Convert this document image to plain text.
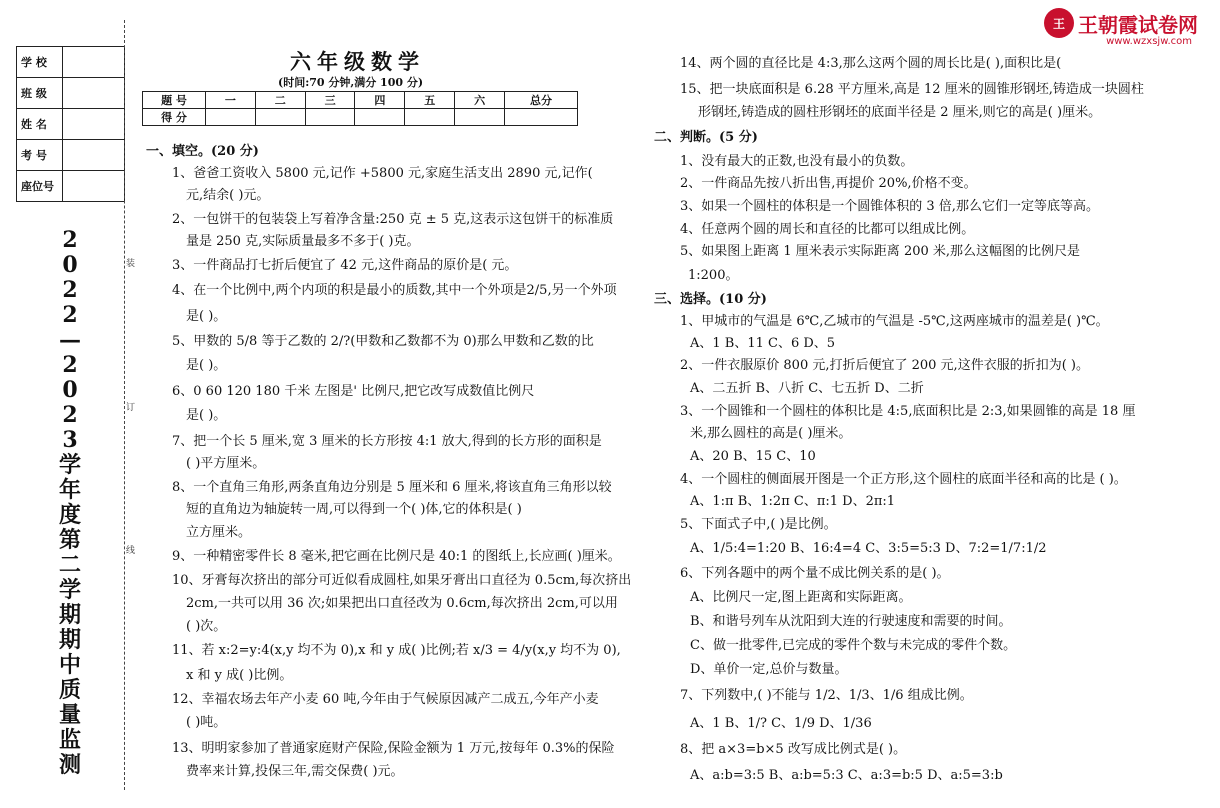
王 王朝霞试卷网
www.wzxsjw.com
学 校	
班 级	
姓 名	
考 号	
座位号	
2
0
2
2
—
2
0
2
3
学
年
度
第
二
学
期
期
中
质
量
监
测
装
订
线
六年级数学
(时间:70 分钟,满分 100 分)
题 号	一	二	三	四	五	六	总分
得 分							
一、填空。(20 分)
1、爸爸工资收入 5800 元,记作 +5800 元,家庭生活支出 2890 元,记作(
元,结余( )元。
2、一包饼干的包装袋上写着净含量:250 克 ± 5 克,这表示这包饼干的标准质
量是 250 克,实际质量最多不多于( )克。
3、一件商品打七折后便宜了 42 元,这件商品的原价是( 元。
4、在一个比例中,两个内项的积是最小的质数,其中一个外项是2/5,另一个外项
是( )。
5、甲数的 5/8 等于乙数的 2/?(甲数和乙数都不为 0)那么甲数和乙数的比
是( )。
6、0 60 120 180 千米 左图是' 比例尺,把它改写成数值比例尺
是( )。
7、把一个长 5 厘米,宽 3 厘米的长方形按 4:1 放大,得到的长方形的面积是
( )平方厘米。
8、一个直角三角形,两条直角边分别是 5 厘米和 6 厘米,将该直角三角形以较
短的直角边为轴旋转一周,可以得到一个( )体,它的体积是( )
立方厘米。
9、一种精密零件长 8 毫米,把它画在比例尺是 40:1 的图纸上,长应画( )厘米。
10、牙膏每次挤出的部分可近似看成圆柱,如果牙膏出口直径为 0.5cm,每次挤出
2cm,一共可以用 36 次;如果把出口直径改为 0.6cm,每次挤出 2cm,可以用
( )次。
11、若 x:2=y:4(x,y 均不为 0),x 和 y 成( )比例;若 x/3 = 4/y(x,y 均不为 0),
x 和 y 成( )比例。
12、幸福农场去年产小麦 60 吨,今年由于气候原因减产二成五,今年产小麦
( )吨。
13、明明家参加了普通家庭财产保险,保险金额为 1 万元,按每年 0.3%的保险
费率来计算,投保三年,需交保费( )元。
14、两个圆的直径比是 4:3,那么这两个圆的周长比是( ),面积比是(
15、把一块底面积是 6.28 平方厘米,高是 12 厘米的圆锥形钢坯,铸造成一块圆柱
形钢坯,铸造成的圆柱形钢坯的底面半径是 2 厘米,则它的高是( )厘米。
二、判断。(5 分)
1、没有最大的正数,也没有最小的负数。
2、一件商品先按八折出售,再提价 20%,价格不变。
3、如果一个圆柱的体积是一个圆锥体积的 3 倍,那么它们一定等底等高。
4、任意两个圆的周长和直径的比都可以组成比例。
5、如果图上距离 1 厘米表示实际距离 200 米,那么这幅图的比例尺是
1:200。
三、选择。(10 分)
1、甲城市的气温是 6℃,乙城市的气温是 -5℃,这两座城市的温差是( )℃。
A、1 B、11 C、6 D、5
2、一件衣服原价 800 元,打折后便宜了 200 元,这件衣服的折扣为( )。
A、二五折 B、八折 C、七五折 D、二折
3、一个圆锥和一个圆柱的体积比是 4:5,底面积比是 2:3,如果圆锥的高是 18 厘
米,那么圆柱的高是( )厘米。
A、20 B、15 C、10
4、一个圆柱的侧面展开图是一个正方形,这个圆柱的底面半径和高的比是 ( )。
A、1:π B、1:2π C、π:1 D、2π:1
5、下面式子中,( )是比例。
A、1/5:4=1:20 B、16:4=4 C、3:5=5:3 D、7:2=1/7:1/2
6、下列各题中的两个量不成比例关系的是( )。
A、比例尺一定,图上距离和实际距离。
B、和谐号列车从沈阳到大连的行驶速度和需要的时间。
C、做一批零件,已完成的零件个数与未完成的零件个数。
D、单价一定,总价与数量。
7、下列数中,( )不能与 1/2、1/3、1/6 组成比例。
A、1 B、1/? C、1/9 D、1/36
8、把 a×3=b×5 改写成比例式是( )。
A、a:b=3:5 B、a:b=5:3 C、a:3=b:5 D、a:5=3:b
